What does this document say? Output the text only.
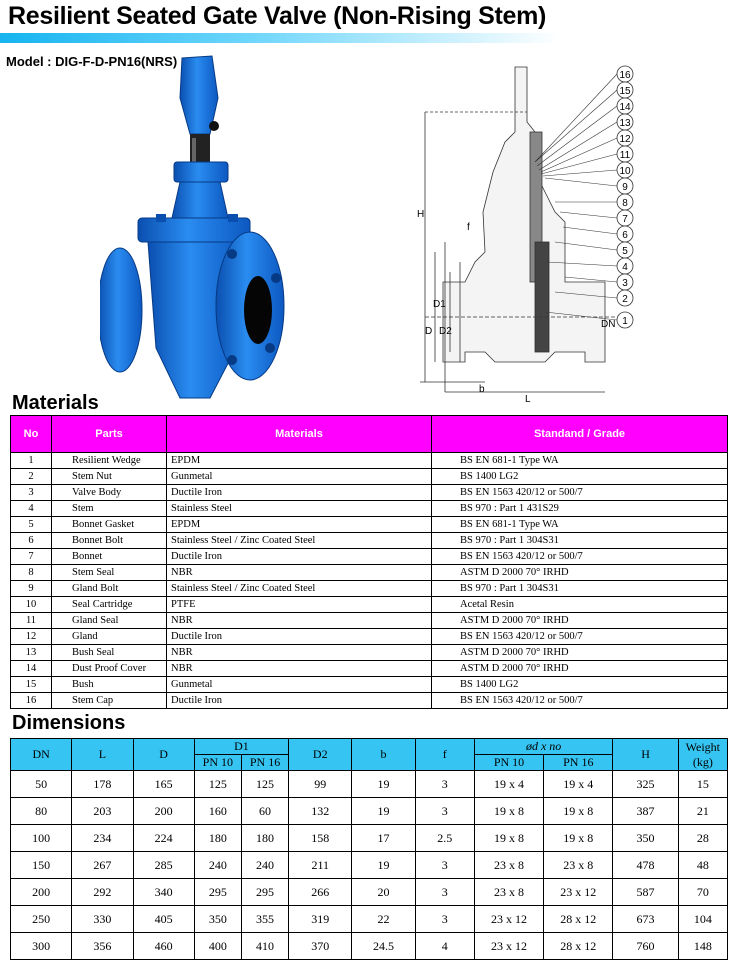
Resilient Seated Gate Valve (Non-Rising Stem)
Model : DIG-F-D-PN16(NRS)
16
15
14
13
12
11
10
9
8
7
6
5
4
3
2
1
H
f
D1
D D2
DN
b
L
Materials
No	Parts	Materials	Standand / Grade
1	Resilient Wedge	EPDM	BS EN 681-1 Type WA
2	Stem Nut	Gunmetal	BS 1400 LG2
3	Valve Body	Ductile Iron	BS EN 1563 420/12 or 500/7
4	Stem	Stainless Steel	BS 970 : Part 1 431S29
5	Bonnet Gasket	EPDM	BS EN 681-1 Type WA
6	Bonnet Bolt	Stainless Steel / Zinc Coated Steel	BS 970 : Part 1 304S31
7	Bonnet	Ductile Iron	BS EN 1563 420/12 or 500/7
8	Stem Seal	NBR	ASTM D 2000 70° IRHD
9	Gland Bolt	Stainless Steel / Zinc Coated Steel	BS 970 : Part 1 304S31
10	Seal Cartridge	PTFE	Acetal Resin
11	Gland Seal	NBR	ASTM D 2000 70° IRHD
12	Gland	Ductile Iron	BS EN 1563 420/12 or 500/7
13	Bush Seal	NBR	ASTM D 2000 70° IRHD
14	Dust Proof Cover	NBR	ASTM D 2000 70° IRHD
15	Bush	Gunmetal	BS 1400 LG2
16	Stem Cap	Ductile Iron	BS EN 1563 420/12 or 500/7
Dimensions
DN	L	D	D1		D2	b	f	ød x no		H	Weight (kg)
			PN 10	PN 16				PN 10	PN 16		
50	178	165	125	125	99	19	3	19 x 4	19 x 4	325	15
80	203	200	160	60	132	19	3	19 x 8	19 x 8	387	21
100	234	224	180	180	158	17	2.5	19 x 8	19 x 8	350	28
150	267	285	240	240	211	19	3	23 x 8	23 x 8	478	48
200	292	340	295	295	266	20	3	23 x 8	23 x 12	587	70
250	330	405	350	355	319	22	3	23 x 12	28 x 12	673	104
300	356	460	400	410	370	24.5	4	23 x 12	28 x 12	760	148
